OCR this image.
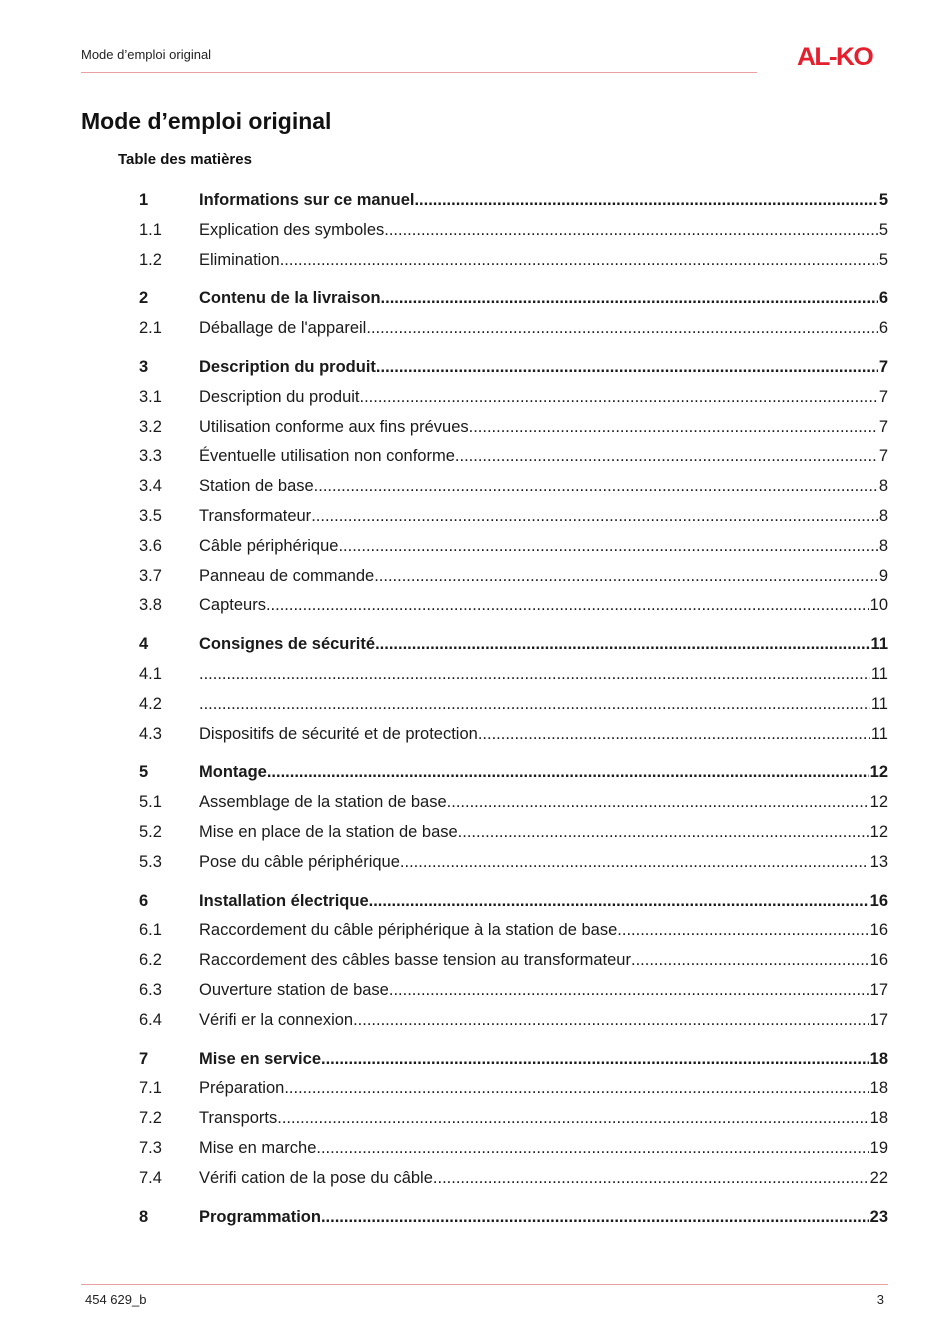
Mode d’emploi original	AL-KO
Mode d’emploi original
Table des matières
1	Informations sur ce manuel .....	5
1.1	Explication des symboles .....	5
1.2	Elimination .....	5
2	Contenu de la livraison .....	6
2.1	Déballage de l'appareil .....	6
3	Description du produit .....	7
3.1	Description du produit .....	7
3.2	Utilisation conforme aux fins prévues .....	7
3.3	Éventuelle utilisation non conforme .....	7
3.4	Station de base .....	8
3.5	Transformateur .....	8
3.6	Câble périphérique .....	8
3.7	Panneau de commande .....	9
3.8	Capteurs .....	10
4	Consignes de sécurité .....	11
4.1 .....	11
4.2 .....	11
4.3	Dispositifs de sécurité et de protection .....	11
5	Montage .....	12
5.1	Assemblage de la station de base .....	12
5.2	Mise en place de la station de base .....	12
5.3	Pose du câble périphérique .....	13
6	Installation électrique .....	16
6.1	Raccordement du câble périphérique à la station de base .....	16
6.2	Raccordement des câbles basse tension au transformateur .....	16
6.3	Ouverture station de base .....	17
6.4	Vérifi er la connexion .....	17
7	Mise en service .....	18
7.1	Préparation .....	18
7.2	Transports .....	18
7.3	Mise en marche .....	19
7.4	Vérifi cation de la pose du câble .....	22
8	Programmation .....	23
454 629_b	3
